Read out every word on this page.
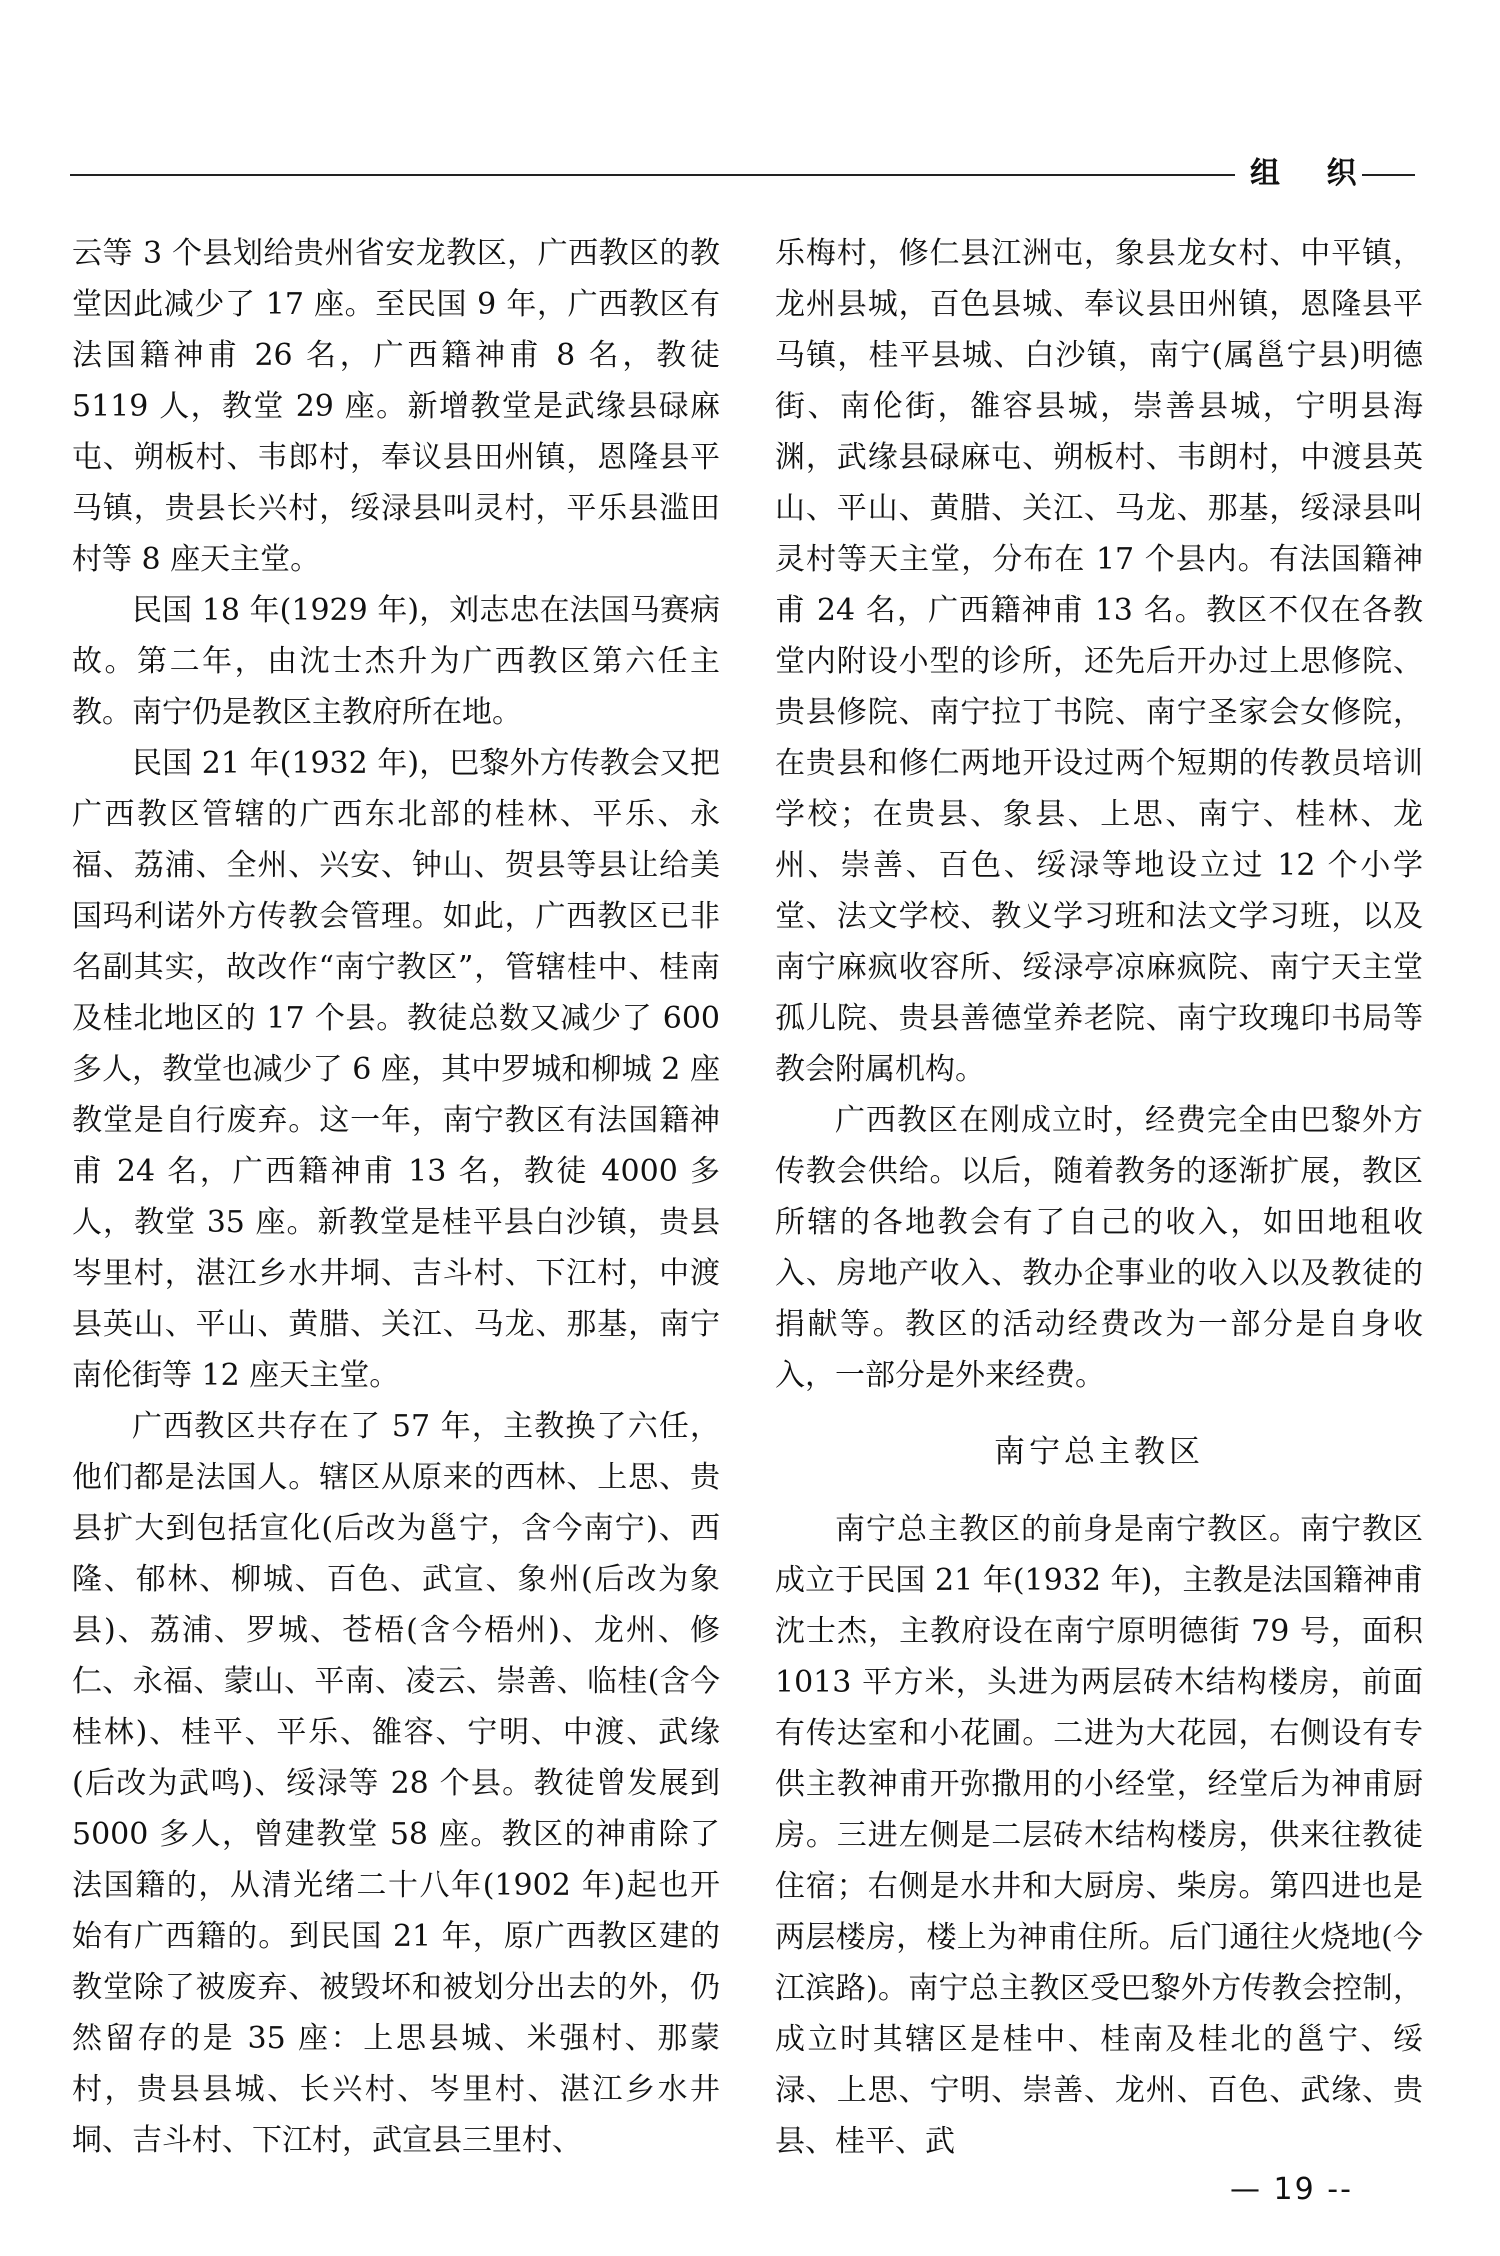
组 织

云等 3 个县划给贵州省安龙教区，广西教区的教堂因此减少了 17 座。至民国 9 年，广西教区有法国籍神甫 26 名，广西籍神甫 8 名，教徒 5119 人，教堂 29 座。新增教堂是武缘县碌麻屯、朔板村、韦郎村，奉议县田州镇，恩隆县平马镇，贵县长兴村，绥渌县叫灵村，平乐县滥田村等 8 座天主堂。

民国 18 年(1929 年)，刘志忠在法国马赛病故。第二年，由沈士杰升为广西教区第六任主教。南宁仍是教区主教府所在地。

民国 21 年(1932 年)，巴黎外方传教会又把广西教区管辖的广西东北部的桂林、平乐、永福、荔浦、全州、兴安、钟山、贺县等县让给美国玛利诺外方传教会管理。如此，广西教区已非名副其实，故改作“南宁教区”，管辖桂中、桂南及桂北地区的 17 个县。教徒总数又减少了 600 多人，教堂也减少了 6 座，其中罗城和柳城 2 座教堂是自行废弃。这一年，南宁教区有法国籍神甫 24 名，广西籍神甫 13 名，教徒 4000 多人，教堂 35 座。新教堂是桂平县白沙镇，贵县岑里村，湛江乡水井垌、吉斗村、下江村，中渡县英山、平山、黄腊、关江、马龙、那基，南宁南伦街等 12 座天主堂。

广西教区共存在了 57 年，主教换了六任，他们都是法国人。辖区从原来的西林、上思、贵县扩大到包括宣化(后改为邕宁，含今南宁)、西隆、郁林、柳城、百色、武宣、象州(后改为象县)、荔浦、罗城、苍梧(含今梧州)、龙州、修仁、永福、蒙山、平南、凌云、崇善、临桂(含今桂林)、桂平、平乐、雒容、宁明、中渡、武缘(后改为武鸣)、绥渌等 28 个县。教徒曾发展到 5000 多人，曾建教堂 58 座。教区的神甫除了法国籍的，从清光绪二十八年(1902 年)起也开始有广西籍的。到民国 21 年，原广西教区建的教堂除了被废弃、被毁坏和被划分出去的外，仍然留存的是 35 座：上思县城、米强村、那蒙村，贵县县城、长兴村、岑里村、湛江乡水井垌、吉斗村、下江村，武宣县三里村、

乐梅村，修仁县江洲屯，象县龙女村、中平镇，龙州县城，百色县城、奉议县田州镇，恩隆县平马镇，桂平县城、白沙镇，南宁(属邕宁县)明德街、南伦街，雒容县城，崇善县城，宁明县海渊，武缘县碌麻屯、朔板村、韦朗村，中渡县英山、平山、黄腊、关江、马龙、那基，绥渌县叫灵村等天主堂，分布在 17 个县内。有法国籍神甫 24 名，广西籍神甫 13 名。教区不仅在各教堂内附设小型的诊所，还先后开办过上思修院、贵县修院、南宁拉丁书院、南宁圣家会女修院，在贵县和修仁两地开设过两个短期的传教员培训学校；在贵县、象县、上思、南宁、桂林、龙州、崇善、百色、绥渌等地设立过 12 个小学堂、法文学校、教义学习班和法文学习班，以及南宁麻疯收容所、绥渌亭凉麻疯院、南宁天主堂孤儿院、贵县善德堂养老院、南宁玫瑰印书局等教会附属机构。

广西教区在刚成立时，经费完全由巴黎外方传教会供给。以后，随着教务的逐渐扩展，教区所辖的各地教会有了自己的收入，如田地租收入、房地产收入、教办企事业的收入以及教徒的捐献等。教区的活动经费改为一部分是自身收入，一部分是外来经费。

南宁总主教区

南宁总主教区的前身是南宁教区。南宁教区成立于民国 21 年(1932 年)，主教是法国籍神甫沈士杰，主教府设在南宁原明德街 79 号，面积 1013 平方米，头进为两层砖木结构楼房，前面有传达室和小花圃。二进为大花园，右侧设有专供主教神甫开弥撒用的小经堂，经堂后为神甫厨房。三进左侧是二层砖木结构楼房，供来往教徒住宿；右侧是水井和大厨房、柴房。第四进也是两层楼房，楼上为神甫住所。后门通往火烧地(今江滨路)。南宁总主教区受巴黎外方传教会控制，成立时其辖区是桂中、桂南及桂北的邕宁、绥渌、上思、宁明、崇善、龙州、百色、武缘、贵县、桂平、武

— 19 --
